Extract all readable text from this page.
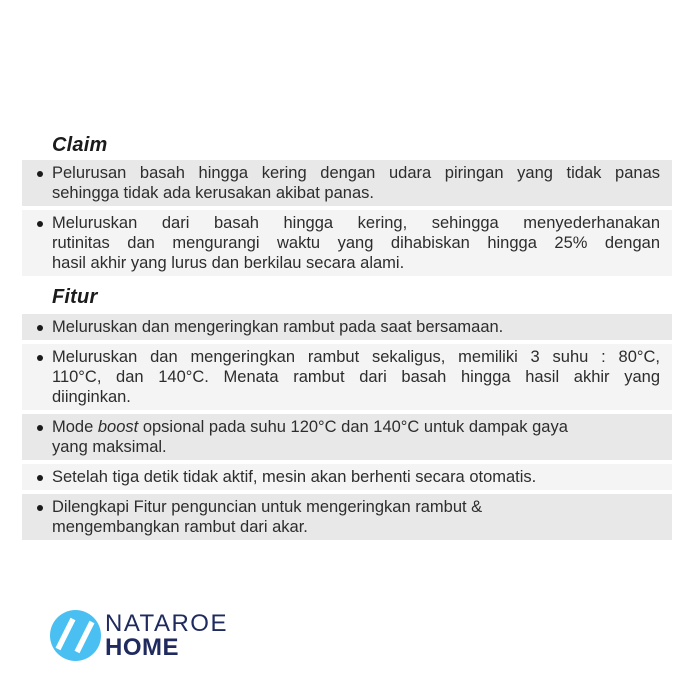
Claim
Pelurusan basah hingga kering dengan udara piringan yang tidak panas
sehingga tidak ada kerusakan akibat panas.
Meluruskan dari basah hingga kering, sehingga menyederhanakan
rutinitas dan mengurangi waktu yang dihabiskan hingga 25% dengan
hasil akhir yang lurus dan berkilau secara alami.
Fitur
Meluruskan dan mengeringkan rambut pada saat bersamaan.
Meluruskan dan mengeringkan rambut sekaligus, memiliki 3 suhu : 80°C,
110°C, dan 140°C. Menata rambut dari basah hingga hasil akhir yang
diinginkan.
Mode boost opsional pada suhu 120°C dan 140°C untuk dampak gaya
yang maksimal.
Setelah tiga detik tidak aktif, mesin akan berhenti secara otomatis.
Dilengkapi Fitur penguncian untuk mengeringkan rambut &
mengembangkan rambut dari akar.
NATAROE
HOME
